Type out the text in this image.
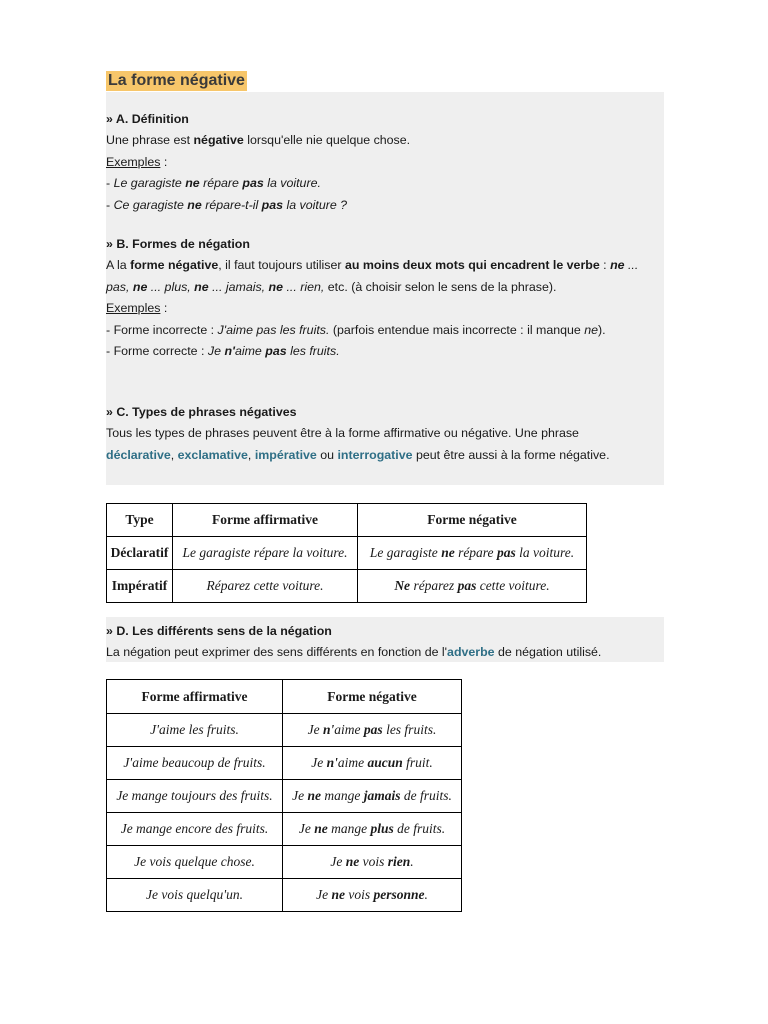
La forme négative
» A. Définition
Une phrase est négative lorsqu'elle nie quelque chose.
Exemples :
- Le garagiste ne répare pas la voiture.
- Ce garagiste ne répare-t-il pas la voiture ?
» B. Formes de négation
A la forme négative, il faut toujours utiliser au moins deux mots qui encadrent le verbe : ne ... pas, ne ... plus, ne ... jamais, ne ... rien, etc. (à choisir selon le sens de la phrase).
Exemples :
- Forme incorrecte : J'aime pas les fruits. (parfois entendue mais incorrecte : il manque ne).
- Forme correcte : Je n'aime pas les fruits.
» C. Types de phrases négatives
Tous les types de phrases peuvent être à la forme affirmative ou négative. Une phrase déclarative, exclamative, impérative ou interrogative peut être aussi à la forme négative.
Type	Forme affirmative	Forme négative
Déclaratif	Le garagiste répare la voiture.	Le garagiste ne répare pas la voiture.
Impératif	Réparez cette voiture.	Ne réparez pas cette voiture.
» D. Les différents sens de la négation
La négation peut exprimer des sens différents en fonction de l'adverbe de négation utilisé.
Forme affirmative	Forme négative
J'aime les fruits.	Je n'aime pas les fruits.
J'aime beaucoup de fruits.	Je n'aime aucun fruit.
Je mange toujours des fruits.	Je ne mange jamais de fruits.
Je mange encore des fruits.	Je ne mange plus de fruits.
Je vois quelque chose.	Je ne vois rien.
Je vois quelqu'un.	Je ne vois personne.
